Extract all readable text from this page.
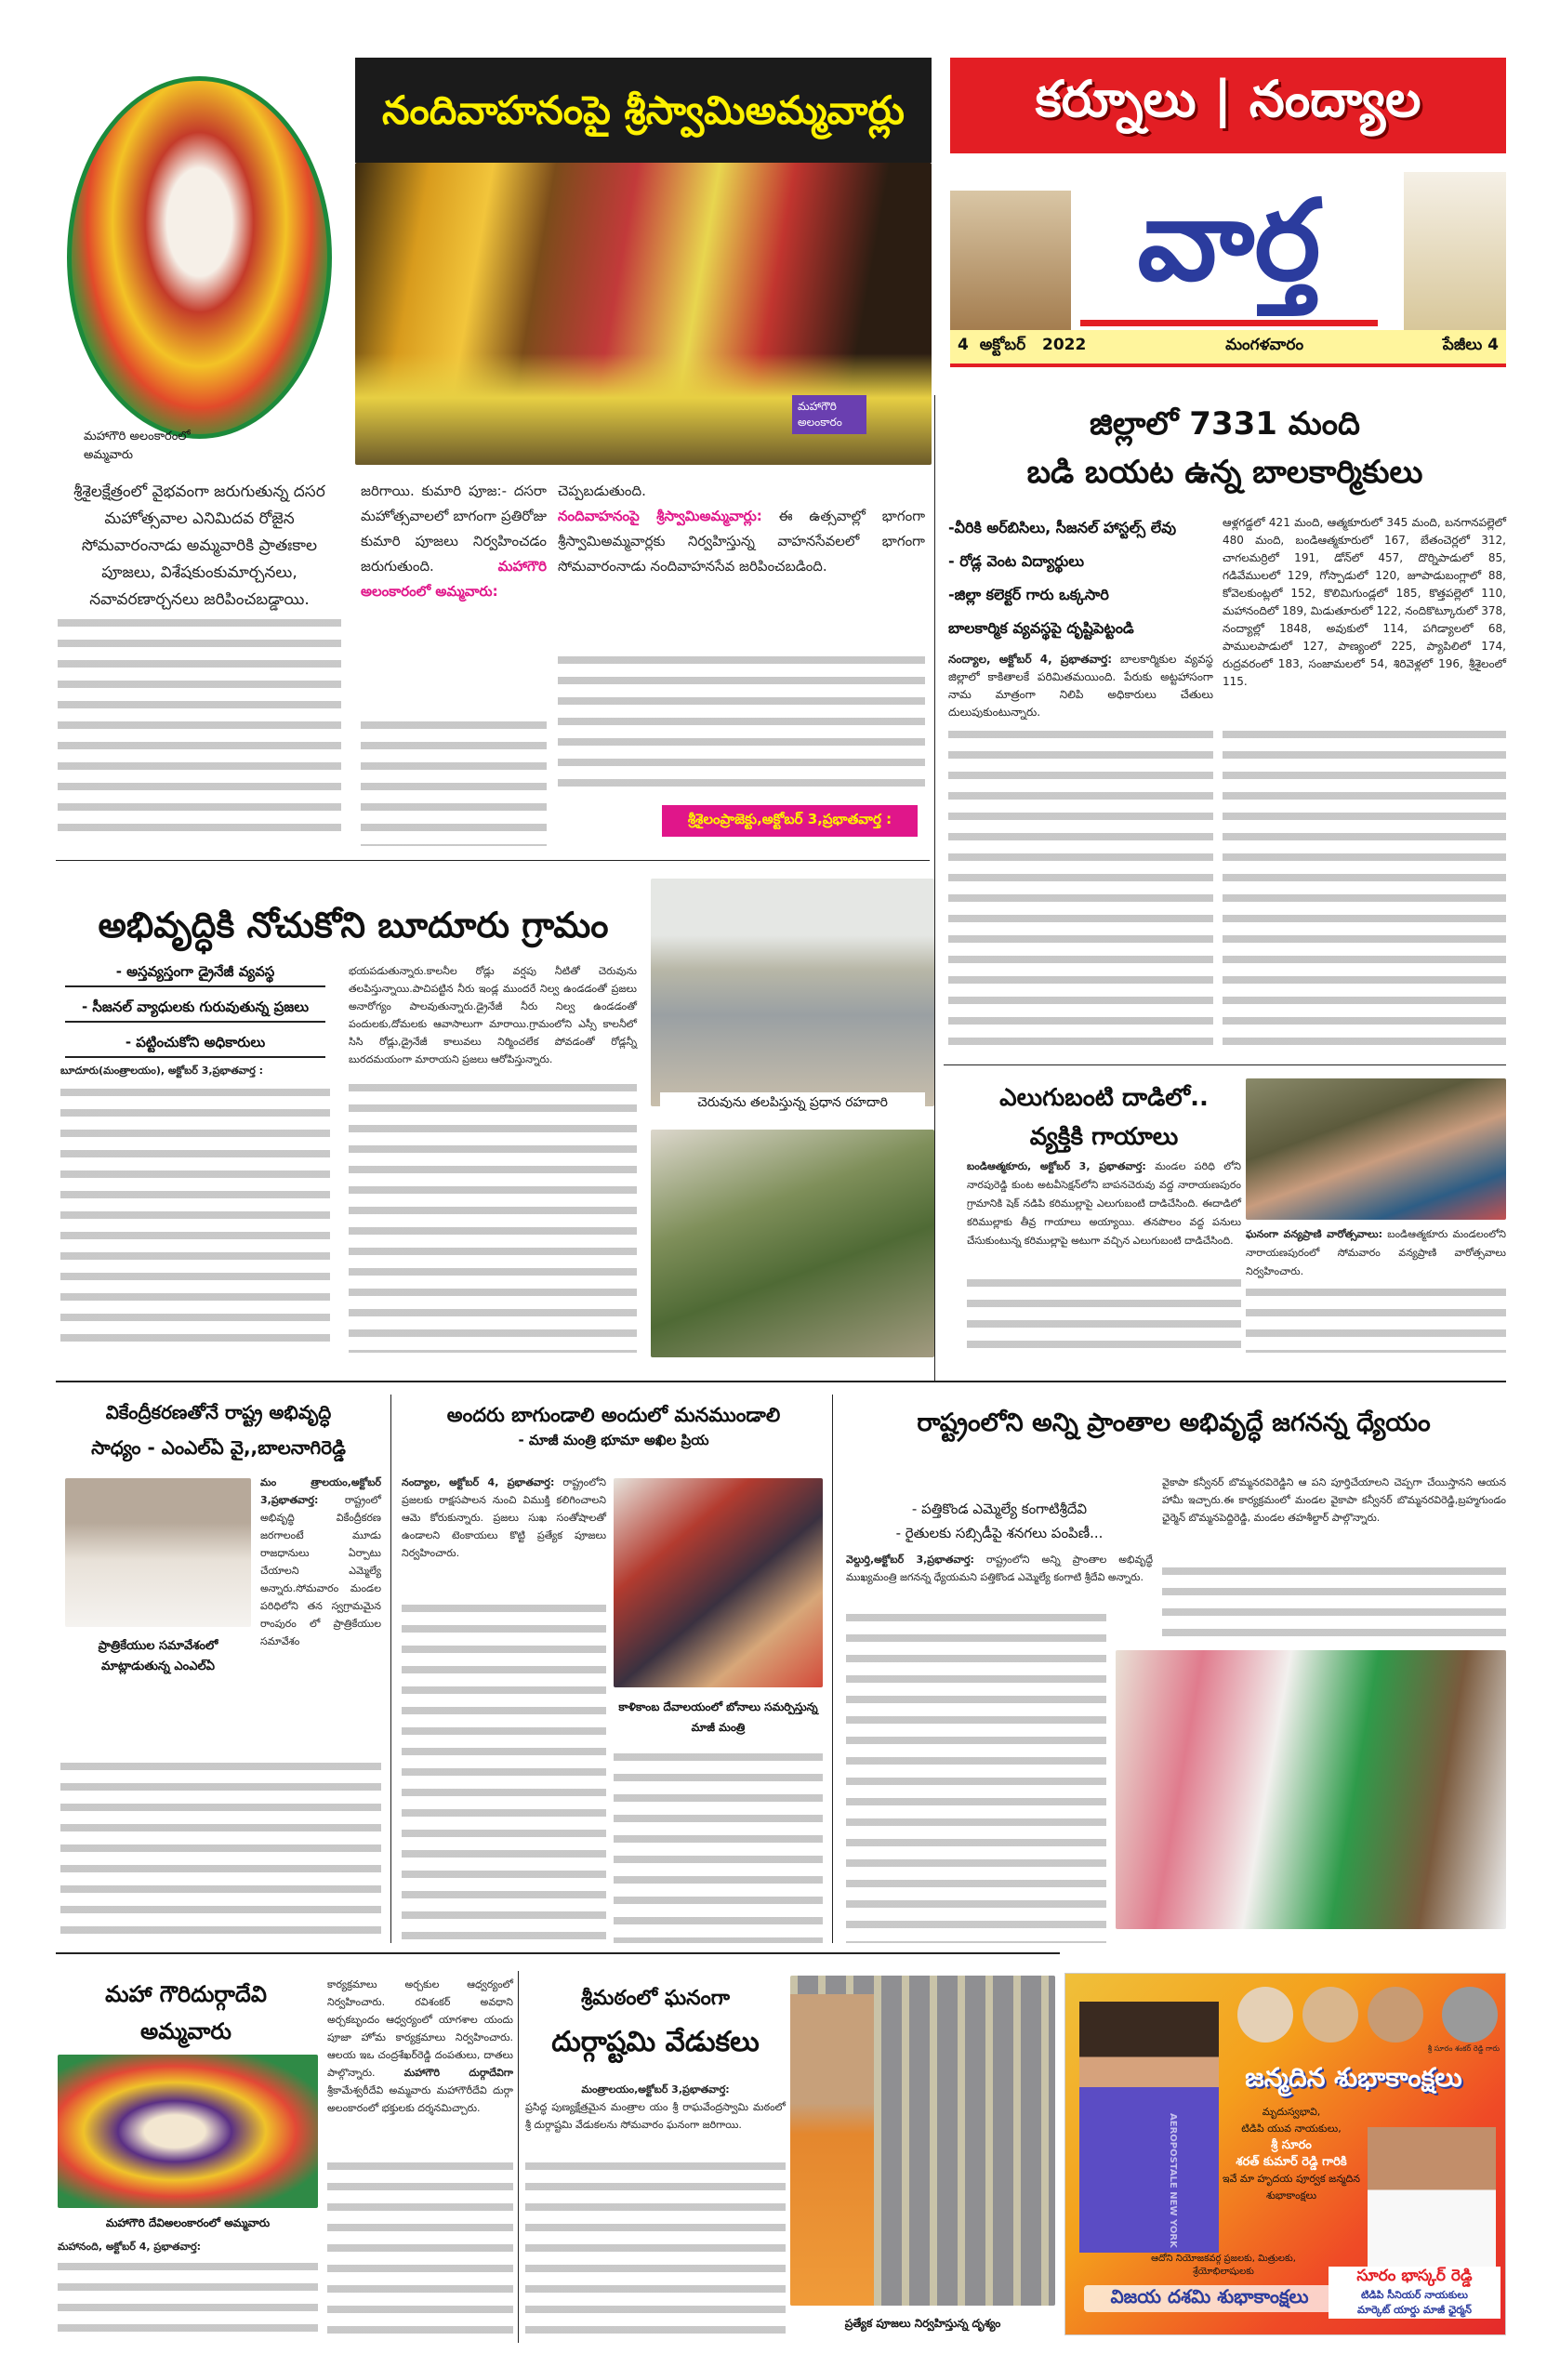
కర్నూలు | నంద్యాల
వార్త
4 అక్టోబర్ 2022	మంగళవారం	పేజీలు 4
మహాగౌరి అలంకారంలో అమ్మవారు
శ్రీశైలక్షేత్రంలో వైభవంగా జరుగుతున్న దసర మహోత్సవాల ఎనిమిదవ రోజైన సోమవారంనాడు అమ్మవారికి ప్రాతఃకాల పూజలు, విశేషకుంకుమార్చనలు, నవావరణార్చనలు జరిపించబడ్డాయి.
నందివాహనంపై శ్రీస్వామిఅమ్మవార్లు
మహాగౌరి అలంకారం
జరిగాయి. కుమారి పూజ:- దసరా మహోత్సవాలలో బాగంగా ప్రతిరోజు కుమారి పూజలు నిర్వహించడం జరుగుతుంది.	మహాగౌరి అలంకారంలో అమ్మవారు:
చెప్పబడుతుంది.
నందివాహనంపై శ్రీస్వామిఅమ్మవార్లు: ఈ ఉత్సవాల్లో భాగంగా శ్రీస్వామిఅమ్మవార్లకు నిర్వహిస్తున్న వాహనసేవలలో భాగంగా సోమవారంనాడు నందివాహనసేవ జరిపించబడింది.
శ్రీశైలంప్రాజెక్టు,అక్టోబర్ 3,ప్రభాతవార్త :
జిల్లాలో 7331 మంది
బడి బయట ఉన్న బాలకార్మికులు
-వీరికి అర్‌బిసిలు, సీజనల్ హాస్టల్స్ లేవు
- రోడ్ల వెంట విద్యార్థులు
-జిల్లా కలెక్టర్ గారు ఒక్కసారి
బాలకార్మిక వ్యవస్థపై దృష్టిపెట్టండి
నంద్యాల, అక్టోబర్ 4, ప్రభాతవార్త: బాలకార్మికుల వ్యవస్థ జిల్లాలో కాకితాలకే పరిమితమయింది. పేరుకు అట్టహాసంగా నామ మాత్రంగా నిలిపి అధికారులు చేతులు దులుపుకుంటున్నారు.
ఆళ్లగడ్డలో 421 మంది, ఆత్మకూరులో 345 మంది, బనగానపల్లెలో 480 మంది, బండిఆత్మకూరులో 167, బేతంచెర్లలో 312, చాగలమర్రిలో 191, డోన్‌లో 457, దొర్నిపాడులో 85, గడివేములలో 129, గోస్పాడులో 120, జూపాడుబంగ్లాలో 88, కోవెలకుంట్లలో 152, కొలిమిగుండ్లలో 185, కొత్తపల్లెలో 110, మహానందిలో 189, మిడుతూరులో 122, నందికొట్కూరులో 378, నంద్యాల్లో 1848, అవుకులో 114, పగిడ్యాలలో 68, పాములపాడులో 127, పాణ్యంలో 225, ప్యాపిలిలో 174, రుద్రవరంలో 183, సంజామలలో 54, శిరివెళ్లలో 196, శ్రీశైలంలో 115.
అభివృద్ధికి నోచుకోని బూదూరు గ్రామం
- అస్తవ్యస్తంగా డ్రైనేజీ వ్యవస్థ
- సీజనల్ వ్యాధులకు గురువుతున్న ప్రజలు
- పట్టించుకోని అధికారులు
బూదూరు(మంత్రాలయం), అక్టోబర్ 3,ప్రభాతవార్త :
భయపడుతున్నారు.కాలనీల రోడ్లు వర్షపు నీటితో చెరువును తలపిస్తున్నాయి.పాచిపట్టిన నీరు ఇండ్ల ముందరే నిల్వ ఉండడంతో ప్రజలు అనారోగ్యం పాలవుతున్నారు.డ్రైనేజీ నీరు నిల్వ ఉండడంతో పందులకు,దోమలకు ఆవాసాలుగా మారాయి.గ్రామంలోని ఎస్సీ కాలనీలో సిసి రోడ్లు,డ్రైనేజీ కాలువలు నిర్మించలేక పోవడంతో రోడ్లన్నీ బురదమయంగా మారాయని ప్రజలు ఆరోపిస్తున్నారు.
చెరువును తలపిస్తున్న ప్రధాన రహదారి	ఎలుగుబంటి దాడిలో..
వ్యక్తికి గాయాలు
బండిఆత్మకూరు, అక్టోబర్ 3, ప్రభాతవార్త: మండల పరిధి లోని నారపురెడ్డి కుంట అటవీసెక్షన్‌లోని బాపనచెరువు వద్ద నారాయణపురం గ్రామానికి షెక్ నడిపి కరిముల్లాపై ఎలుగుబంటి దాడిచేసింది. ఈదాడిలో కరిముల్లాకు తీవ్ర గాయాలు అయ్యాయి. తనపొలం వద్ద పనులు చేసుకుంటున్న కరిముల్లాపై అటుగా వచ్చిన ఎలుగుబంటి దాడిచేసింది.
ఘనంగా వన్యప్రాణి వారోత్సవాలు: బండిఆత్మకూరు మండలంలోని నారాయణపురంలో సోమవారం వన్యప్రాణి వారోత్సవాలు నిర్వహించారు.
వికేంద్రీకరణతోనే రాష్ట్ర అభివృద్ధి
సాధ్యం - ఎంఎల్ఏ వై,,బాలనాగిరెడ్డి
ప్రాత్రికేయుల సమావేశంలో మాట్లాడుతున్న ఎంఎల్ఏ
మం త్రాలయం,అక్టోబర్ 3,ప్రభాతవార్త:	రాష్ట్రంలో అభివృద్ధి వికేంద్రీకరణ జరగాలంటే మూడు రాజధానులు ఏర్పాటు చేయాలని ఎమ్మెల్యే అన్నారు.సోమవారం మండల పరిధిలోని తన స్వగ్రామమైన రాంపురం లో ప్రాత్రికేయుల సమావేశం
అందరు బాగుండాలి అందులో మనముండాలి
- మాజీ మంత్రి భూమా అఖిల ప్రియ
నంద్యాల, అక్టోబర్ 4, ప్రభాతవార్త: రాష్ట్రంలోని ప్రజలకు రాక్షసపాలన నుంచి విముక్తి కలిగించాలని ఆమె కోరుకున్నారు. ప్రజలు సుఖ సంతోషాలతో ఉండాలని టెంకాయలు కొట్టి ప్రత్యేక పూజలు నిర్వహించారు.
కాళికాంబ దేవాలయంలో బోనాలు సమర్పిస్తున్న మాజీ మంత్రి
రాష్ట్రంలోని అన్ని ప్రాంతాల అభివృద్ధే జగనన్న ధ్యేయం
- పత్తికొండ ఎమ్మెల్యే కంగాటిశ్రీదేవి
- రైతులకు సబ్సిడీపై శనగలు పంపిణీ...
వెల్దుర్తి,అక్టోబర్ 3,ప్రభాతవార్త: రాష్ట్రంలోని అన్ని ప్రాంతాల అభివృద్ధే ముఖ్యమంత్రి జగనన్న ధ్యేయమని పత్తికొండ ఎమ్మెల్యే కంగాటి శ్రీదేవి అన్నారు.
వైకాపా కన్వీనర్ బొమ్మనరవిరెడ్డిని ఆ పని పూర్తిచేయాలని చెప్పగా చేయిస్తానని ఆయన హామీ ఇచ్చారు.ఈ కార్యక్రమంలో మండల వైకాపా కన్వీనర్ బొమ్మనరవిరెడ్డి,బ్రహ్మగుండం ఛైర్మెన్ బొమ్మనపెద్దిరెడ్డి, మండల తహశీల్దార్ పాల్గొన్నారు.
మహా గౌరిదుర్గాదేవి
అమ్మవారు
మహాగౌరి దేవిఅలంకారంలో అమ్మవారు
మహానంది, అక్టోబర్ 4, ప్రభాతవార్త:
కార్యక్రమాలు అర్చకుల ఆధ్వర్యంలో నిర్వహించారు. రవిశంకర్ అవధాని అర్చకబృందం ఆధ్వర్యంలో యాగశాల యందు పూజా హోమ కార్యక్రమాలు నిర్వహించారు. ఆలయ ఇఒ చంద్రశేఖర్‌రెడ్డి దంపతులు, దాతలు పాల్గొన్నారు.	మహాగౌరి దుర్గాదేవిగా శ్రీకామేశ్వరీదేవి అమ్మవారు మహాగౌరీదేవి దుర్గా అలంకారంలో భక్తులకు దర్శనమిచ్చారు.
శ్రీమఠంలో ఘనంగా
దుర్గాష్టమి వేడుకలు
మంత్రాలయం,అక్టోబర్ 3,ప్రభాతవార్త:
ప్రసిద్ధ పుణ్యక్షేత్రమైన మంత్రాల యం శ్రీ రాఘవేంద్రస్వామి మఠంలో శ్రీ దుర్గాష్టమి వేడుకలను సోమవారం ఘనంగా జరిగాయి.
ప్రత్యేక పూజలు నిర్వహిస్తున్న దృశ్యం
శ్రీ సూరం శంకర్ రెడ్డి గారు
AEROPOSTALE NEW YORK
జన్మదిన శుభాకాంక్షలు
మృదుస్వభావి,
టిడిపి యువ నాయకులు,
శ్రీ సూరం
శరత్ కుమార్ రెడ్డి గారికి
ఇవే మా హృదయ పూర్వక జన్మదిన శుభాకాంక్షలు
ఆదోని నియోజకవర్గ ప్రజలకు, మిత్రులకు, శ్రేయోభిలాషులకు
విజయ దశమి శుభాకాంక్షలు
సూరం భాస్కర్ రెడ్డి
టిడిపి సీనియర్ నాయకులు
మార్కెట్ యార్డు మాజీ ఛైర్మన్
